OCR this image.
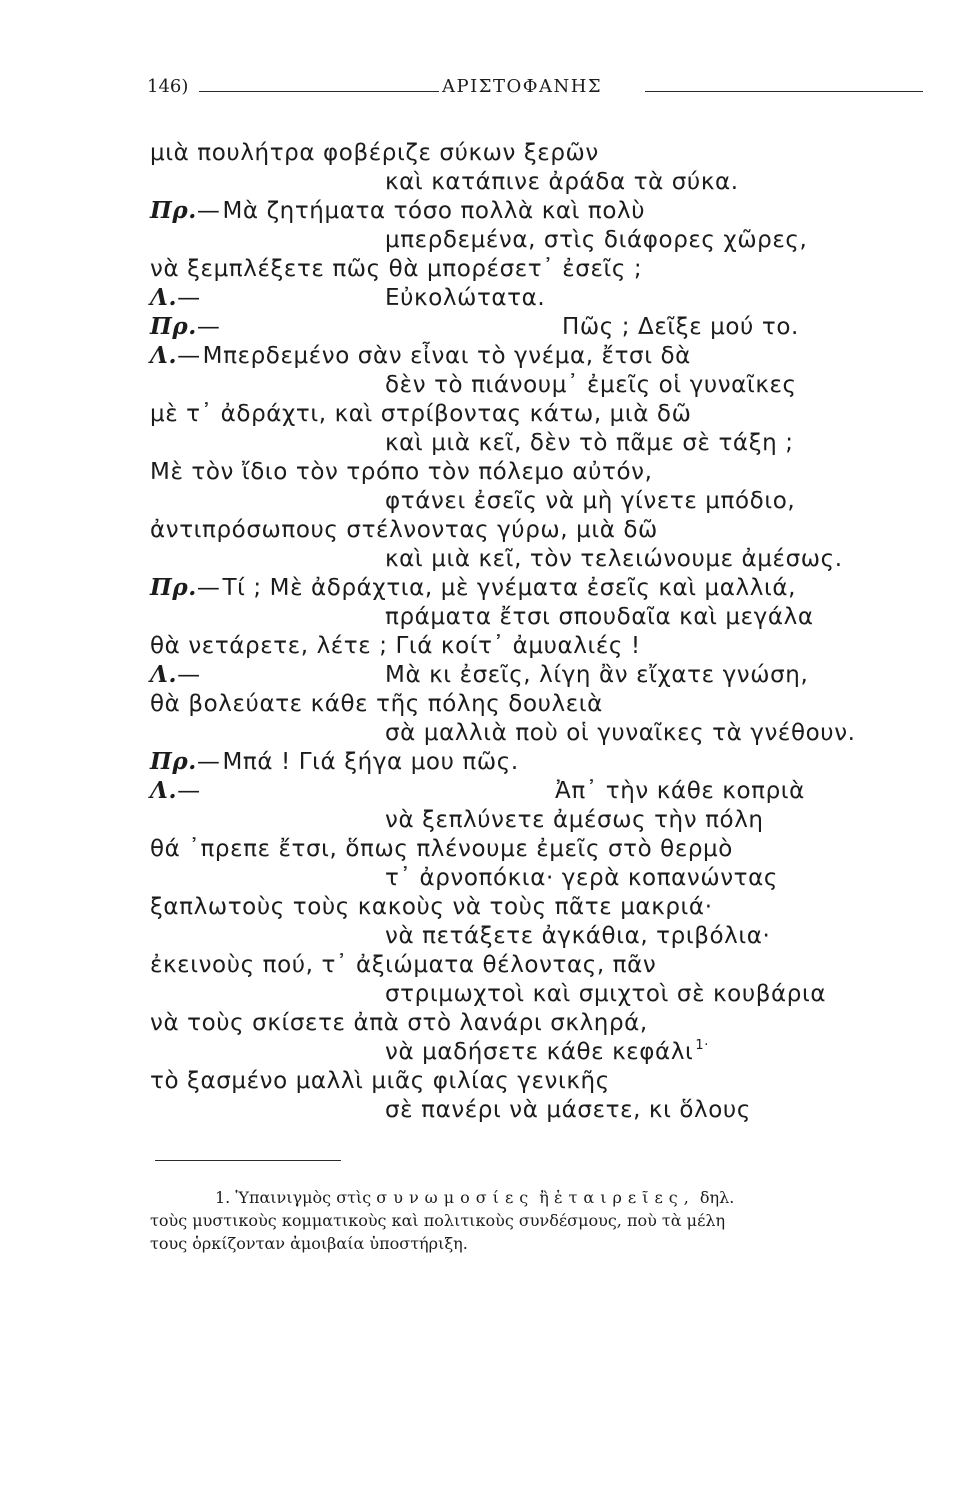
146)	ΑΡΙΣΤΟΦΑΝΗΣ
μιὰ πουλήτρα φοβέριζε σύκων ξερῶν
καὶ κατάπινε ἀράδα τὰ σύκα.
Πρ.—Μὰ ζητήματα τόσο πολλὰ καὶ πολὺ
μπερδεμένα, στὶς διάφορες χῶρες,
νὰ ξεμπλέξετε πῶς θὰ μπορέσετ᾿ ἐσεῖς ;
Λ.—	Εὐκολώτατα.
Πρ.—	Πῶς ; Δεῖξε μού το.
Λ.—Μπερδεμένο σὰν εἶναι τὸ γνέμα, ἔτσι δὰ
δὲν τὸ πιάνουμ᾿ ἐμεῖς οἱ γυναῖκες
μὲ τ᾿ ἀδράχτι, καὶ στρίβοντας κάτω, μιὰ δῶ
καὶ μιὰ κεῖ, δὲν τὸ πᾶμε σὲ τάξη ;
Μὲ τὸν ἴδιο τὸν τρόπο τὸν πόλεμο αὐτόν,
φτάνει ἐσεῖς νὰ μὴ γίνετε μπόδιο,
ἀντιπρόσωπους στέλνοντας γύρω, μιὰ δῶ
καὶ μιὰ κεῖ, τὸν τελειώνουμε ἀμέσως.
Πρ.—Τί ; Μὲ ἀδράχτια, μὲ γνέματα ἐσεῖς καὶ μαλλιά,
πράματα ἔτσι σπουδαῖα καὶ μεγάλα
θὰ νετάρετε, λέτε ; Γιά κοίτ᾿ ἀμυαλιές !
Λ.—	Μὰ κι ἐσεῖς, λίγη ἂν εἴχατε γνώση,
θὰ βολεύατε κάθε τῆς πόλης δουλειὰ
σὰ μαλλιὰ ποὺ οἱ γυναῖκες τὰ γνέθουν.
Πρ.—Μπά ! Γιά ξήγα μου πῶς.
Λ.—	Ἀπ᾿ τὴν κάθε κοπριὰ
νὰ ξεπλύνετε ἀμέσως τὴν πόλη
θά ᾿πρεπε ἔτσι, ὅπως πλένουμε ἐμεῖς στὸ θερμὸ
τ᾿ ἀρνοπόκια· γερὰ κοπανώντας
ξαπλωτοὺς τοὺς κακοὺς νὰ τοὺς πᾶτε μακριά·
νὰ πετάξετε ἀγκάθια, τριβόλια·
ἐκεινοὺς πού, τ᾿ ἀξιώματα θέλοντας, πᾶν
στριμωχτοὶ καὶ σμιχτοὶ σὲ κουβάρια
νὰ τοὺς σκίσετε ἀπὰ στὸ λανάρι σκληρά,
νὰ μαδήσετε κάθε κεφάλι $^{1\cdot}$
τὸ ξασμένο μαλλὶ μιᾶς φιλίας γενικῆς
σὲ πανέρι νὰ μάσετε, κι ὅλους
1. Ὑπαινιγμὸς στὶς συνωμοσίες ἢ ἑταιρεῖες, δηλ.
τοὺς μυστικοὺς κομματικοὺς καὶ πολιτικοὺς συνδέσμους, ποὺ τὰ μέλη
τους ὁρκίζονταν ἀμοιβαία ὑποστήριξη.
